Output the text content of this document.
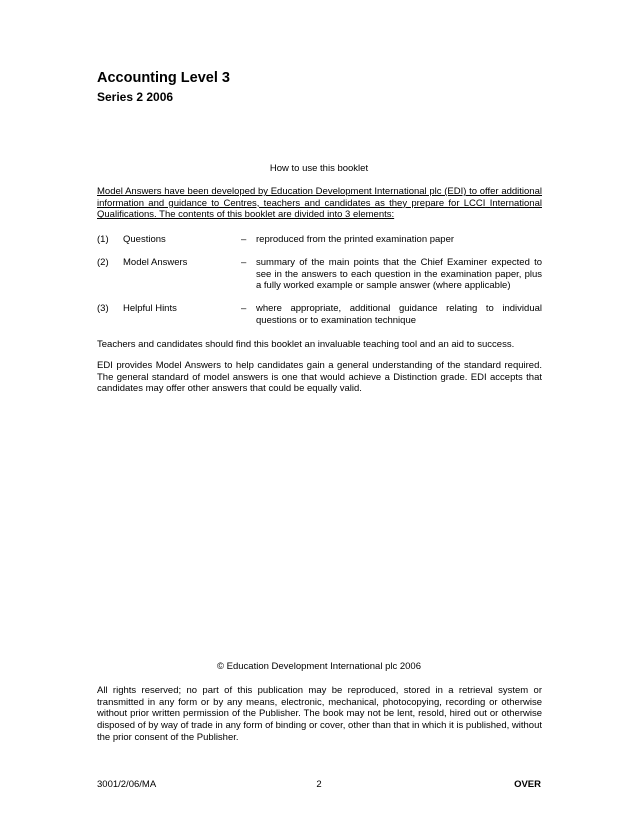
Accounting Level 3
Series 2 2006
How to use this booklet
Model Answers have been developed by Education Development International plc (EDI) to offer additional information and guidance to Centres, teachers and candidates as they prepare for LCCI International Qualifications. The contents of this booklet are divided into 3 elements:
(1) Questions	– reproduced from the printed examination paper
(2) Model Answers	– summary of the main points that the Chief Examiner expected to see in the answers to each question in the examination paper, plus a fully worked example or sample answer (where applicable)
(3) Helpful Hints	– where appropriate, additional guidance relating to individual questions or to examination technique
Teachers and candidates should find this booklet an invaluable teaching tool and an aid to success.
EDI provides Model Answers to help candidates gain a general understanding of the standard required. The general standard of model answers is one that would achieve a Distinction grade. EDI accepts that candidates may offer other answers that could be equally valid.
© Education Development International plc 2006
All rights reserved; no part of this publication may be reproduced, stored in a retrieval system or transmitted in any form or by any means, electronic, mechanical, photocopying, recording or otherwise without prior written permission of the Publisher. The book may not be lent, resold, hired out or otherwise disposed of by way of trade in any form of binding or cover, other than that in which it is published, without the prior consent of the Publisher.
3001/2/06/MA	2	OVER
